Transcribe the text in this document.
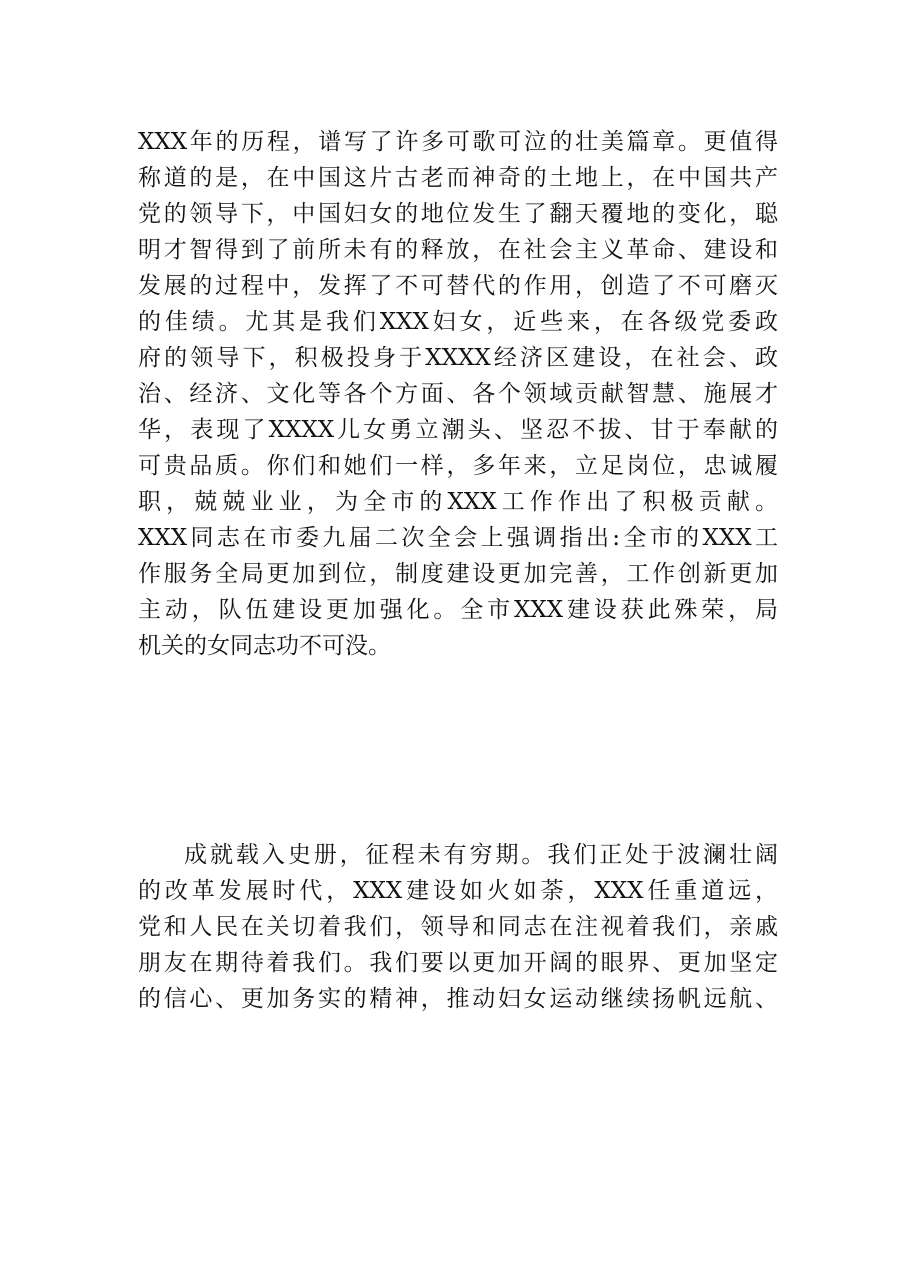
XXX年的历程，谱写了许多可歌可泣的壮美篇章。更值得
称道的是，在中国这片古老而神奇的土地上，在中国共产
党的领导下，中国妇女的地位发生了翻天覆地的变化，聪
明才智得到了前所未有的释放，在社会主义革命、建设和
发展的过程中，发挥了不可替代的作用，创造了不可磨灭
的佳绩。尤其是我们XXX妇女，近些来，在各级党委政
府的领导下，积极投身于XXXX经济区建设，在社会、政
治、经济、文化等各个方面、各个领域贡献智慧、施展才
华，表现了XXXX儿女勇立潮头、坚忍不拔、甘于奉献的
可贵品质。你们和她们一样，多年来，立足岗位，忠诚履
职，兢兢业业，为全市的XXX工作作出了积极贡献。
XXX同志在市委九届二次全会上强调指出:全市的XXX工
作服务全局更加到位，制度建设更加完善，工作创新更加
主动，队伍建设更加强化。全市XXX建设获此殊荣，局
机关的女同志功不可没。
成就载入史册，征程未有穷期。我们正处于波澜壮阔
的改革发展时代，XXX建设如火如荼，XXX任重道远，
党和人民在关切着我们，领导和同志在注视着我们，亲戚
朋友在期待着我们。我们要以更加开阔的眼界、更加坚定
的信心、更加务实的精神，推动妇女运动继续扬帆远航、
